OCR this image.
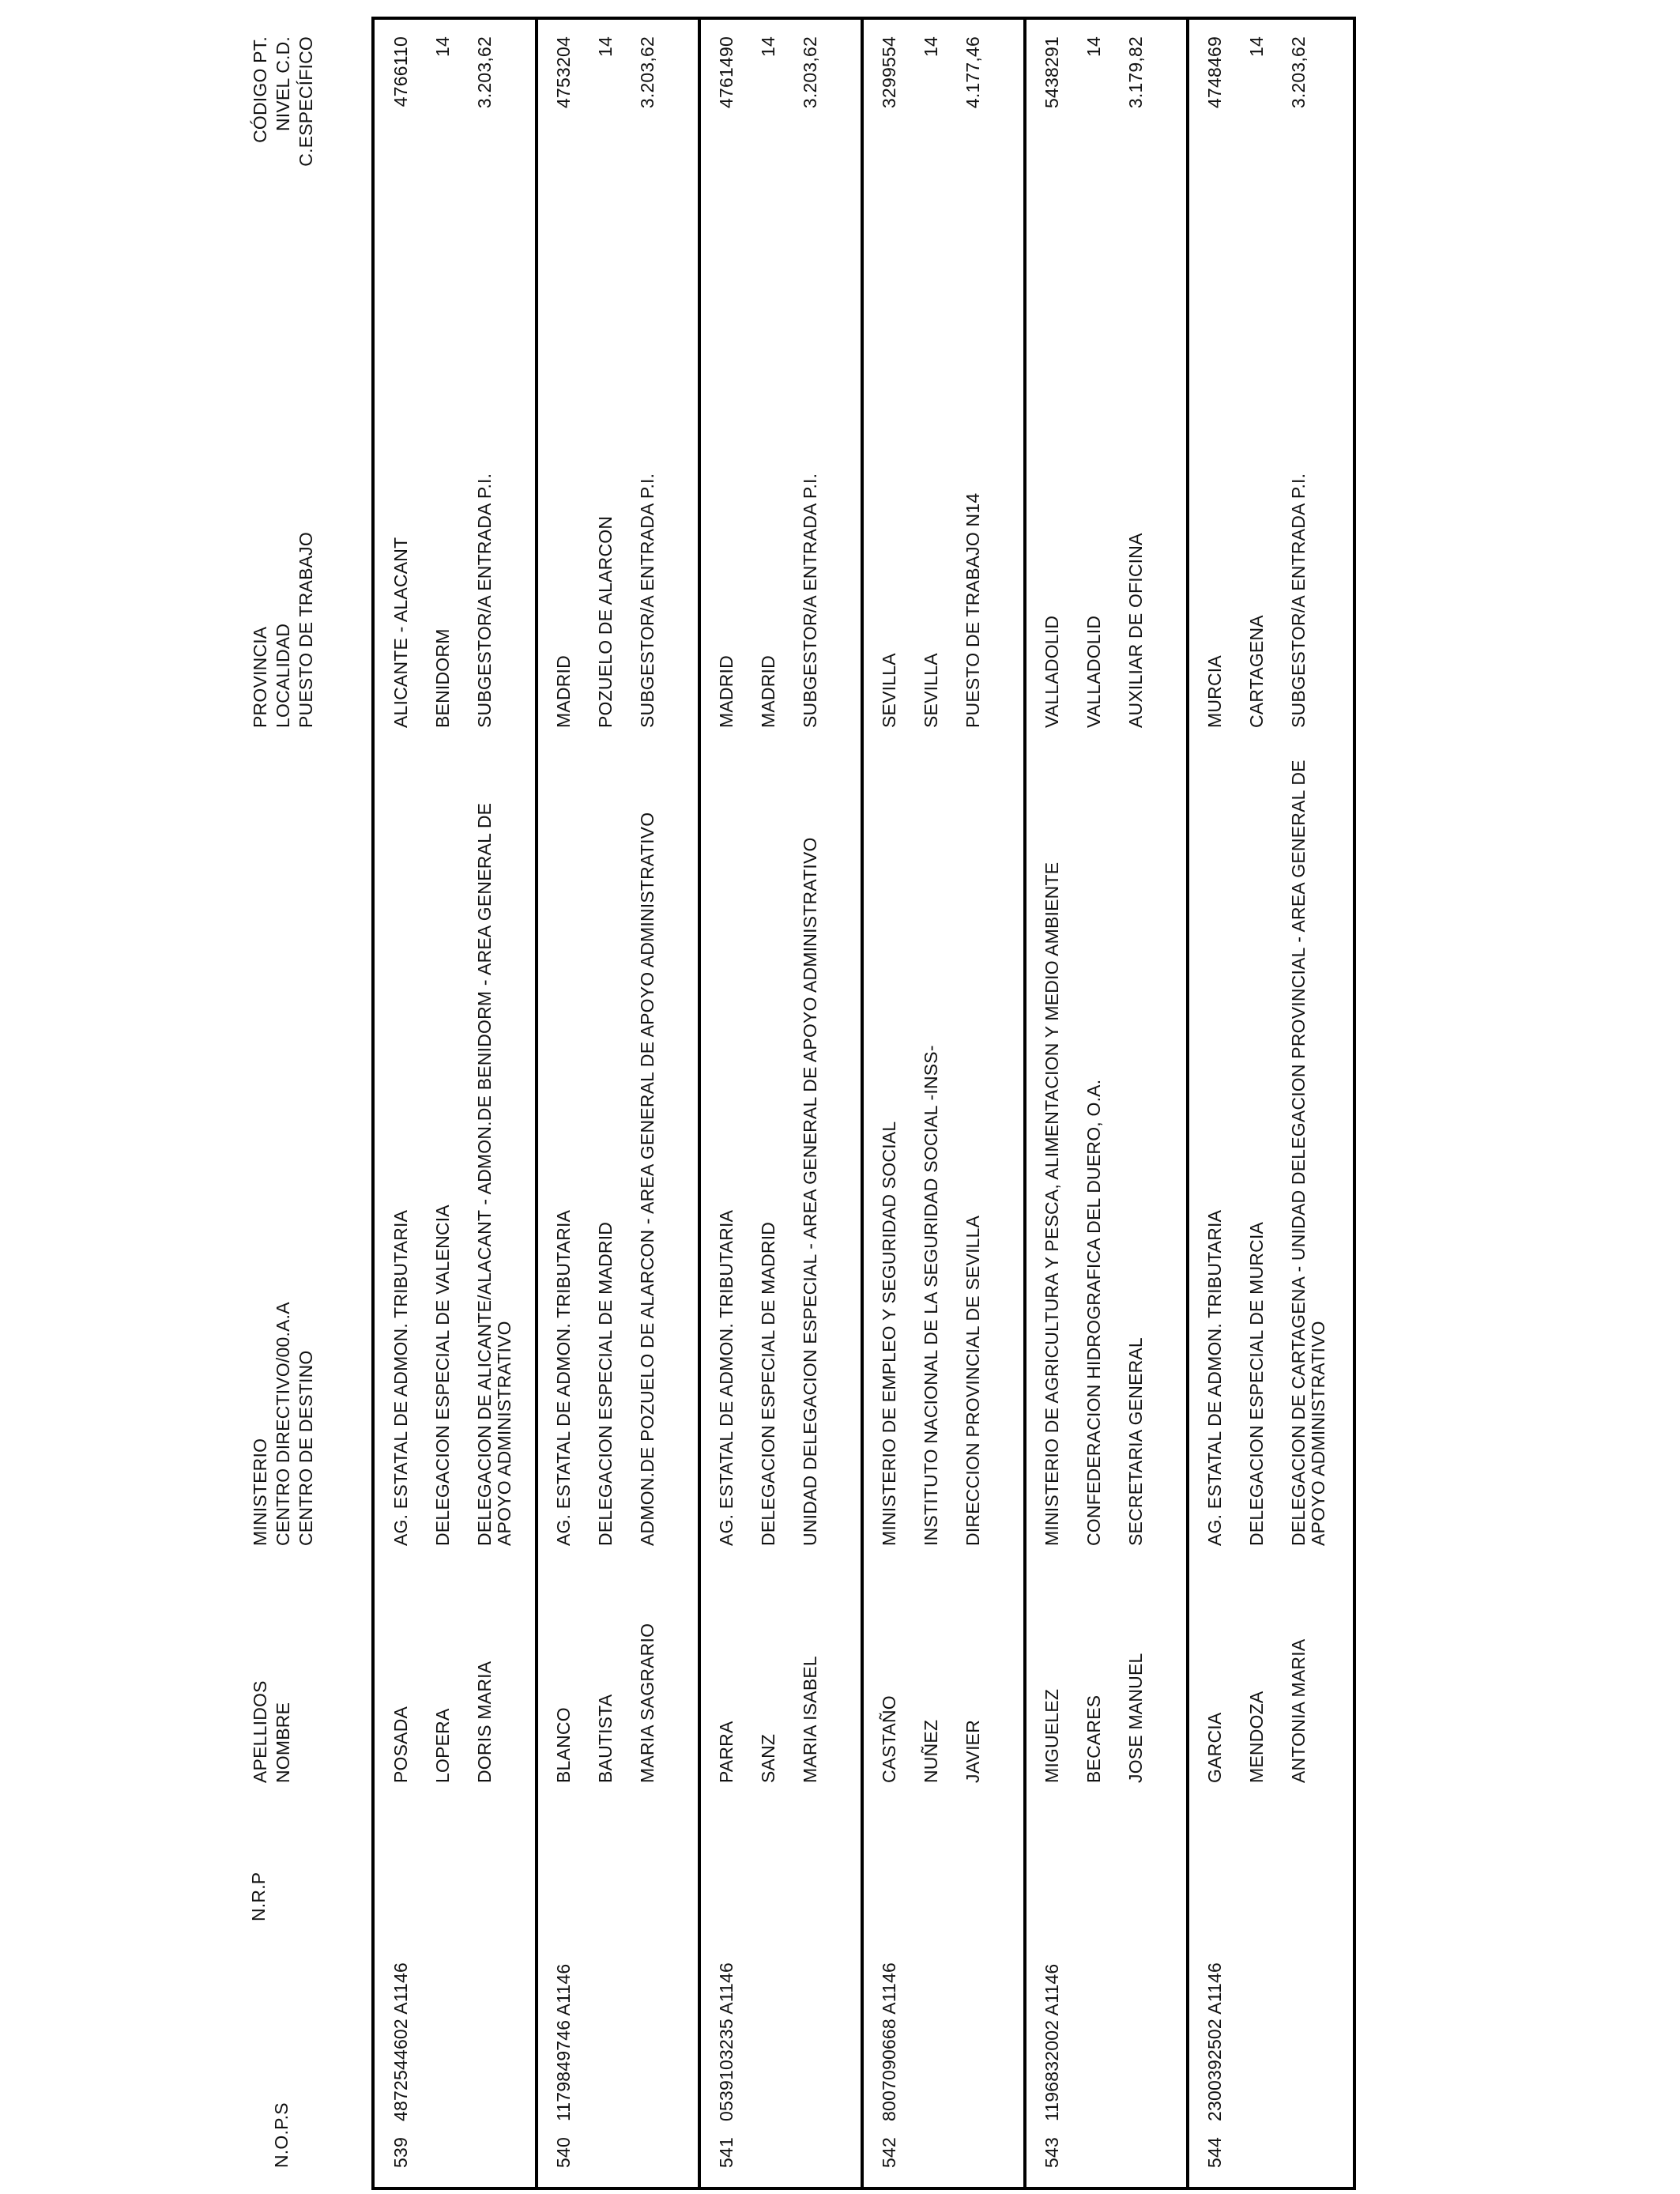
N.O.P.S
N.R.P
APELLIDOS NOMBRE
MINISTERIO CENTRO DIRECTIVO/00.A.A CENTRO DE DESTINO
PROVINCIA LOCALIDAD PUESTO DE TRABAJO
CÓDIGO PT. NIVEL C.D. C.ESPECÍFICO
539
4872544602 A1146
POSADA LOPERA DORIS MARIA
AG. ESTATAL DE ADMON. TRIBUTARIA DELEGACION ESPECIAL DE VALENCIA DELEGACION DE ALICANTE/ALACANT - ADMON.DE BENIDORM - AREA GENERAL DE APOYO ADMINISTRATIVO
ALICANTE - ALACANT BENIDORM SUBGESTOR/A ENTRADA P.I.
4766110 14 3.203,62
540
1179849746 A1146
BLANCO BAUTISTA MARIA SAGRARIO
AG. ESTATAL DE ADMON. TRIBUTARIA DELEGACION ESPECIAL DE MADRID ADMON.DE POZUELO DE ALARCON - AREA GENERAL DE APOYO ADMINISTRATIVO
MADRID POZUELO DE ALARCON SUBGESTOR/A ENTRADA P.I.
4753204 14 3.203,62
541
0539103235 A1146
PARRA SANZ MARIA ISABEL
AG. ESTATAL DE ADMON. TRIBUTARIA DELEGACION ESPECIAL DE MADRID UNIDAD DELEGACION ESPECIAL - AREA GENERAL DE APOYO ADMINISTRATIVO
MADRID MADRID SUBGESTOR/A ENTRADA P.I.
4761490 14 3.203,62
542
8007090668 A1146
CASTAÑO NUÑEZ JAVIER
MINISTERIO DE EMPLEO Y SEGURIDAD SOCIAL INSTITUTO NACIONAL DE LA SEGURIDAD SOCIAL -INSS- DIRECCION PROVINCIAL DE SEVILLA
SEVILLA SEVILLA PUESTO DE TRABAJO N14
3299554 14 4.177,46
543
1196832002 A1146
MIGUELEZ BECARES JOSE MANUEL
MINISTERIO DE AGRICULTURA Y PESCA, ALIMENTACION Y MEDIO AMBIENTE CONFEDERACION HIDROGRAFICA DEL DUERO, O.A. SECRETARIA GENERAL
VALLADOLID VALLADOLID AUXILIAR DE OFICINA
5438291 14 3.179,82
544
2300392502 A1146
GARCIA MENDOZA ANTONIA MARIA
AG. ESTATAL DE ADMON. TRIBUTARIA DELEGACION ESPECIAL DE MURCIA DELEGACION DE CARTAGENA - UNIDAD DELEGACION PROVINCIAL - AREA GENERAL DE APOYO ADMINISTRATIVO
MURCIA CARTAGENA SUBGESTOR/A ENTRADA P.I.
4748469 14 3.203,62
